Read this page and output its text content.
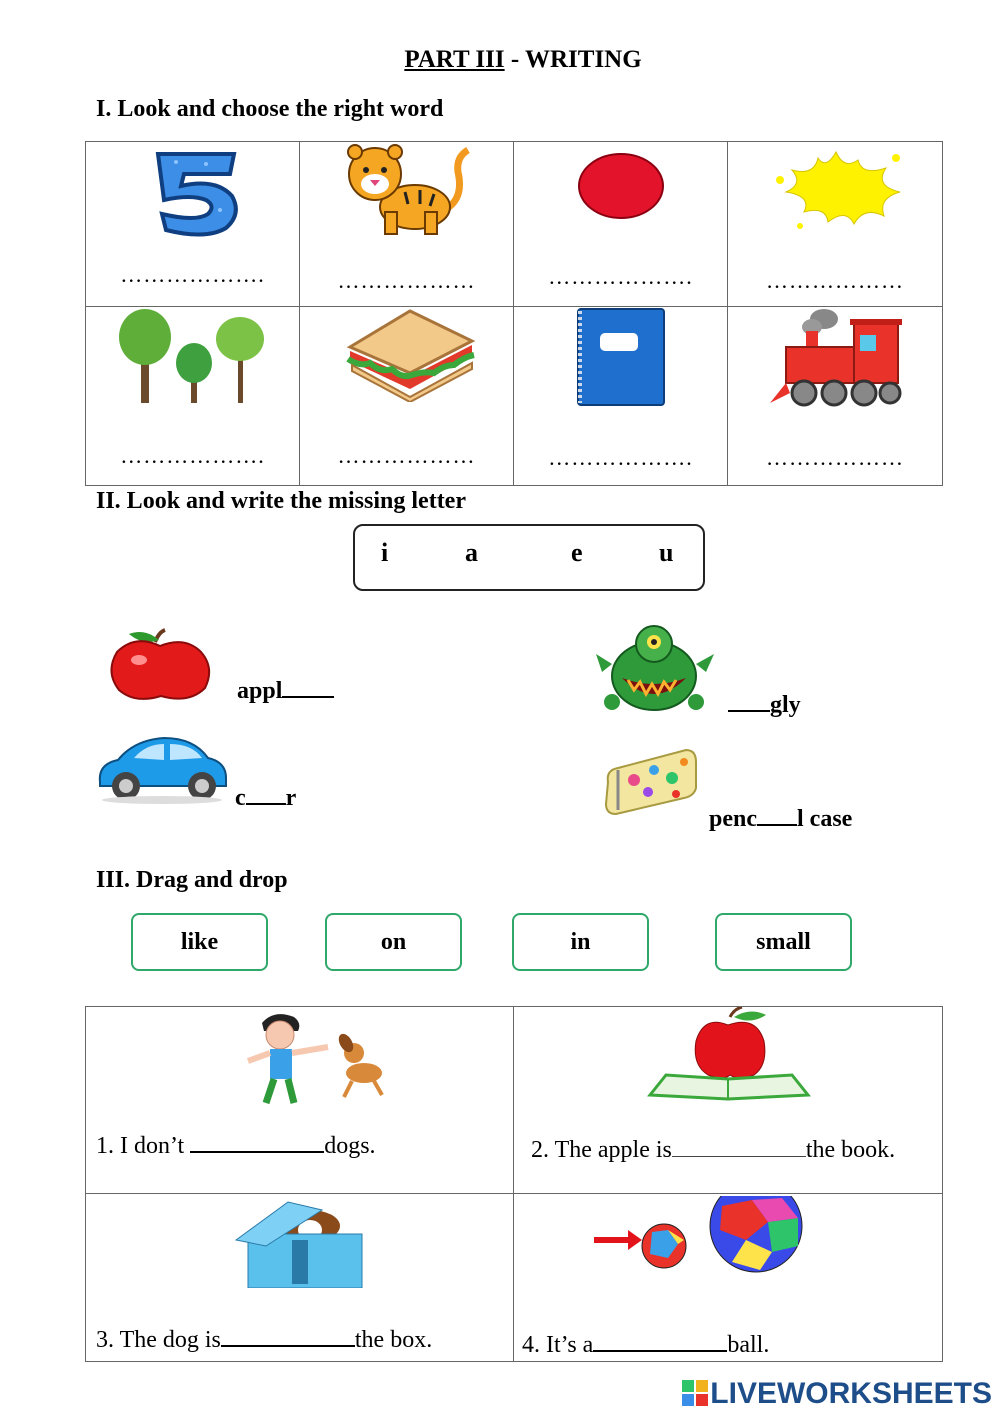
PART III - WRITING
I. Look and choose the right word
……………….	………………	……………….	………………
……………….	………………	……………….	………………
II. Look and write the missing letter
i	a	e	u
appl
gly
c r
penc l case
III. Drag and drop
like	on	in	small
1. I don’t	dogs.	2. The apple is	the book.
3. The dog is	the box.	4. It’s a	ball.
LIVEWORKSHEETS
